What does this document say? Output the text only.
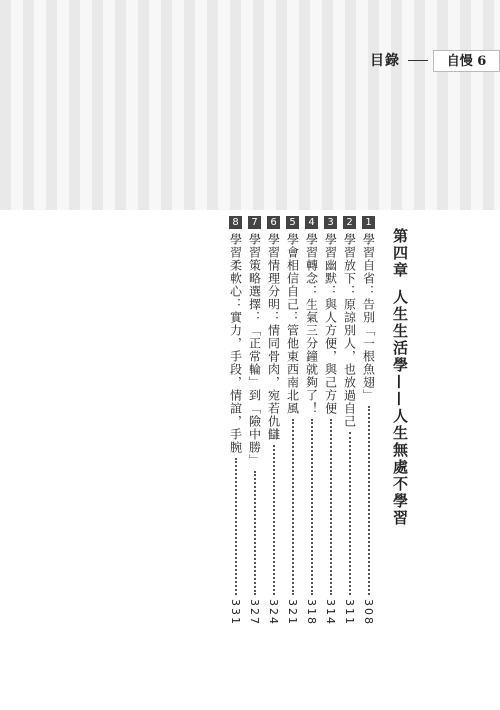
目錄	自慢 6
第四章
人生生活學——人生無處不學習
1
學習自省：告別「一根魚翅」
308
2
學習放下：原諒別人，也放過自己
311
3
學習幽默：與人方便，與己方便
314
4
學習轉念：生氣三分鐘就夠了！
318
5
學會相信自己：管他東西南北風
321
6
學習情理分明：情同骨肉，宛若仇讎
324
7
學習策略選擇：「正常輪」到「險中勝」
327
8
學習柔軟心：實力，手段，情誼，手腕
331
